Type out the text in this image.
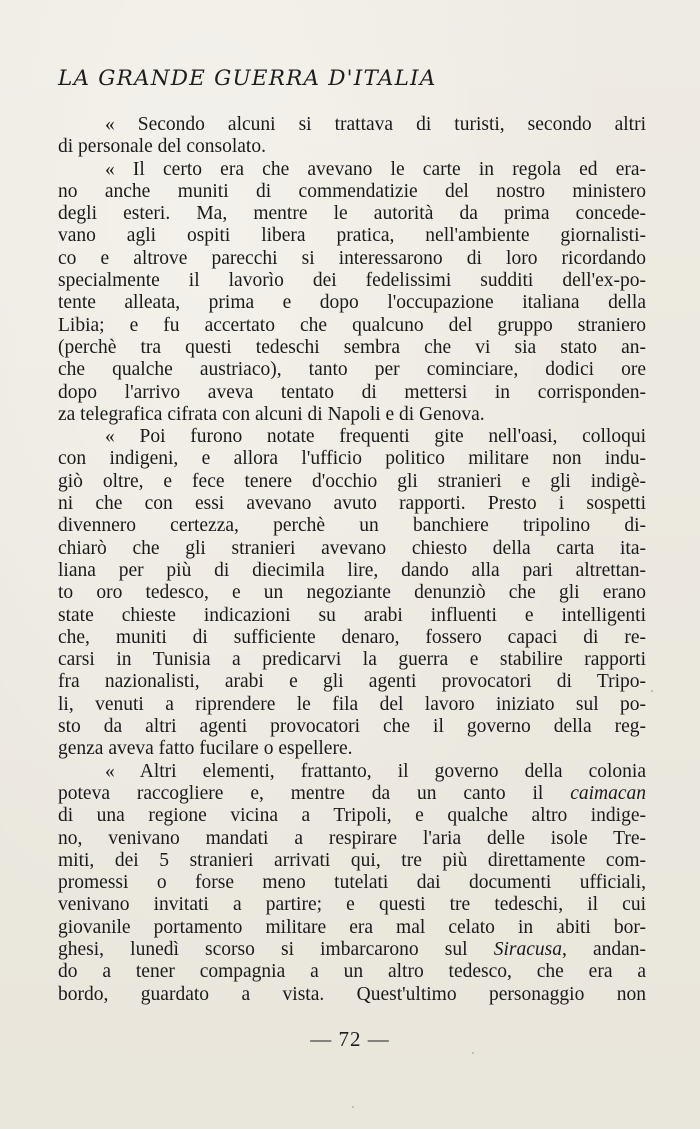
LA GRANDE GUERRA D'ITALIA
« Secondo alcuni si trattava di turisti, secondo altri
di personale del consolato.
« Il certo era che avevano le carte in regola ed era-
no anche muniti di commendatizie del nostro ministero
degli esteri. Ma, mentre le autorità da prima concede-
vano agli ospiti libera pratica, nell'ambiente giornalisti-
co e altrove parecchi si interessarono di loro ricordando
specialmente il lavorìo dei fedelissimi sudditi dell'ex-po-
tente alleata, prima e dopo l'occupazione italiana della
Libia; e fu accertato che qualcuno del gruppo straniero
(perchè tra questi tedeschi sembra che vi sia stato an-
che qualche austriaco), tanto per cominciare, dodici ore
dopo l'arrivo aveva tentato di mettersi in corrisponden-
za telegrafica cifrata con alcuni di Napoli e di Genova.
« Poi furono notate frequenti gite nell'oasi, colloqui
con indigeni, e allora l'ufficio politico militare non indu-
giò oltre, e fece tenere d'occhio gli stranieri e gli indigè-
ni che con essi avevano avuto rapporti. Presto i sospetti
divennero certezza, perchè un banchiere tripolino di-
chiarò che gli stranieri avevano chiesto della carta ita-
liana per più di diecimila lire, dando alla pari altrettan-
to oro tedesco, e un negoziante denunziò che gli erano
state chieste indicazioni su arabi influenti e intelligenti
che, muniti di sufficiente denaro, fossero capaci di re-
carsi in Tunisia a predicarvi la guerra e stabilire rapporti
fra nazionalisti, arabi e gli agenti provocatori di Tripo-
li, venuti a riprendere le fila del lavoro iniziato sul po-
sto da altri agenti provocatori che il governo della reg-
genza aveva fatto fucilare o espellere.
« Altri elementi, frattanto, il governo della colonia
poteva raccogliere e, mentre da un canto il caimacan
di una regione vicina a Tripoli, e qualche altro indige-
no, venivano mandati a respirare l'aria delle isole Tre-
miti, dei 5 stranieri arrivati qui, tre più direttamente com-
promessi o forse meno tutelati dai documenti ufficiali,
venivano invitati a partire; e questi tre tedeschi, il cui
giovanile portamento militare era mal celato in abiti bor-
ghesi, lunedì scorso si imbarcarono sul Siracusa, andan-
do a tener compagnia a un altro tedesco, che era a
bordo, guardato a vista. Quest'ultimo personaggio non
— 72 —
